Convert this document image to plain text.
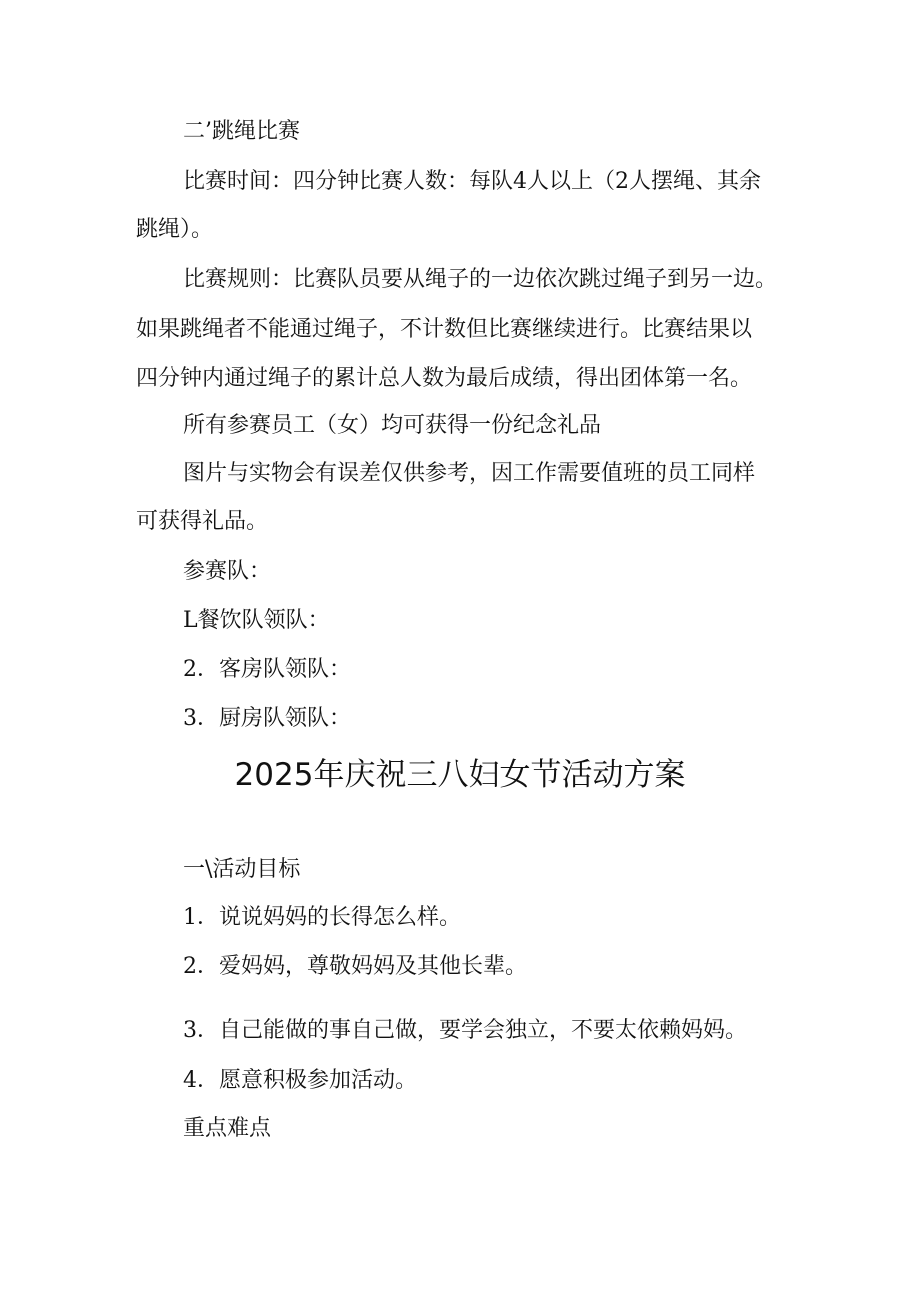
二’跳绳比赛
比赛时间：四分钟比赛人数：每队4人以上（2人摆绳、其余
跳绳）。
比赛规则：比赛队员要从绳子的一边依次跳过绳子到另一边。
如果跳绳者不能通过绳子，不计数但比赛继续进行。比赛结果以
四分钟内通过绳子的累计总人数为最后成绩，得出团体第一名。
所有参赛员工（女）均可获得一份纪念礼品
图片与实物会有误差仅供参考，因工作需要值班的员工同样
可获得礼品。
参赛队：
L餐饮队领队：
2．客房队领队：
3．厨房队领队：
2025年庆祝三八妇女节活动方案
一\活动目标
1．说说妈妈的长得怎么样。
2．爱妈妈，尊敬妈妈及其他长辈。
3．自己能做的事自己做，要学会独立，不要太依赖妈妈。
4．愿意积极参加活动。
重点难点
